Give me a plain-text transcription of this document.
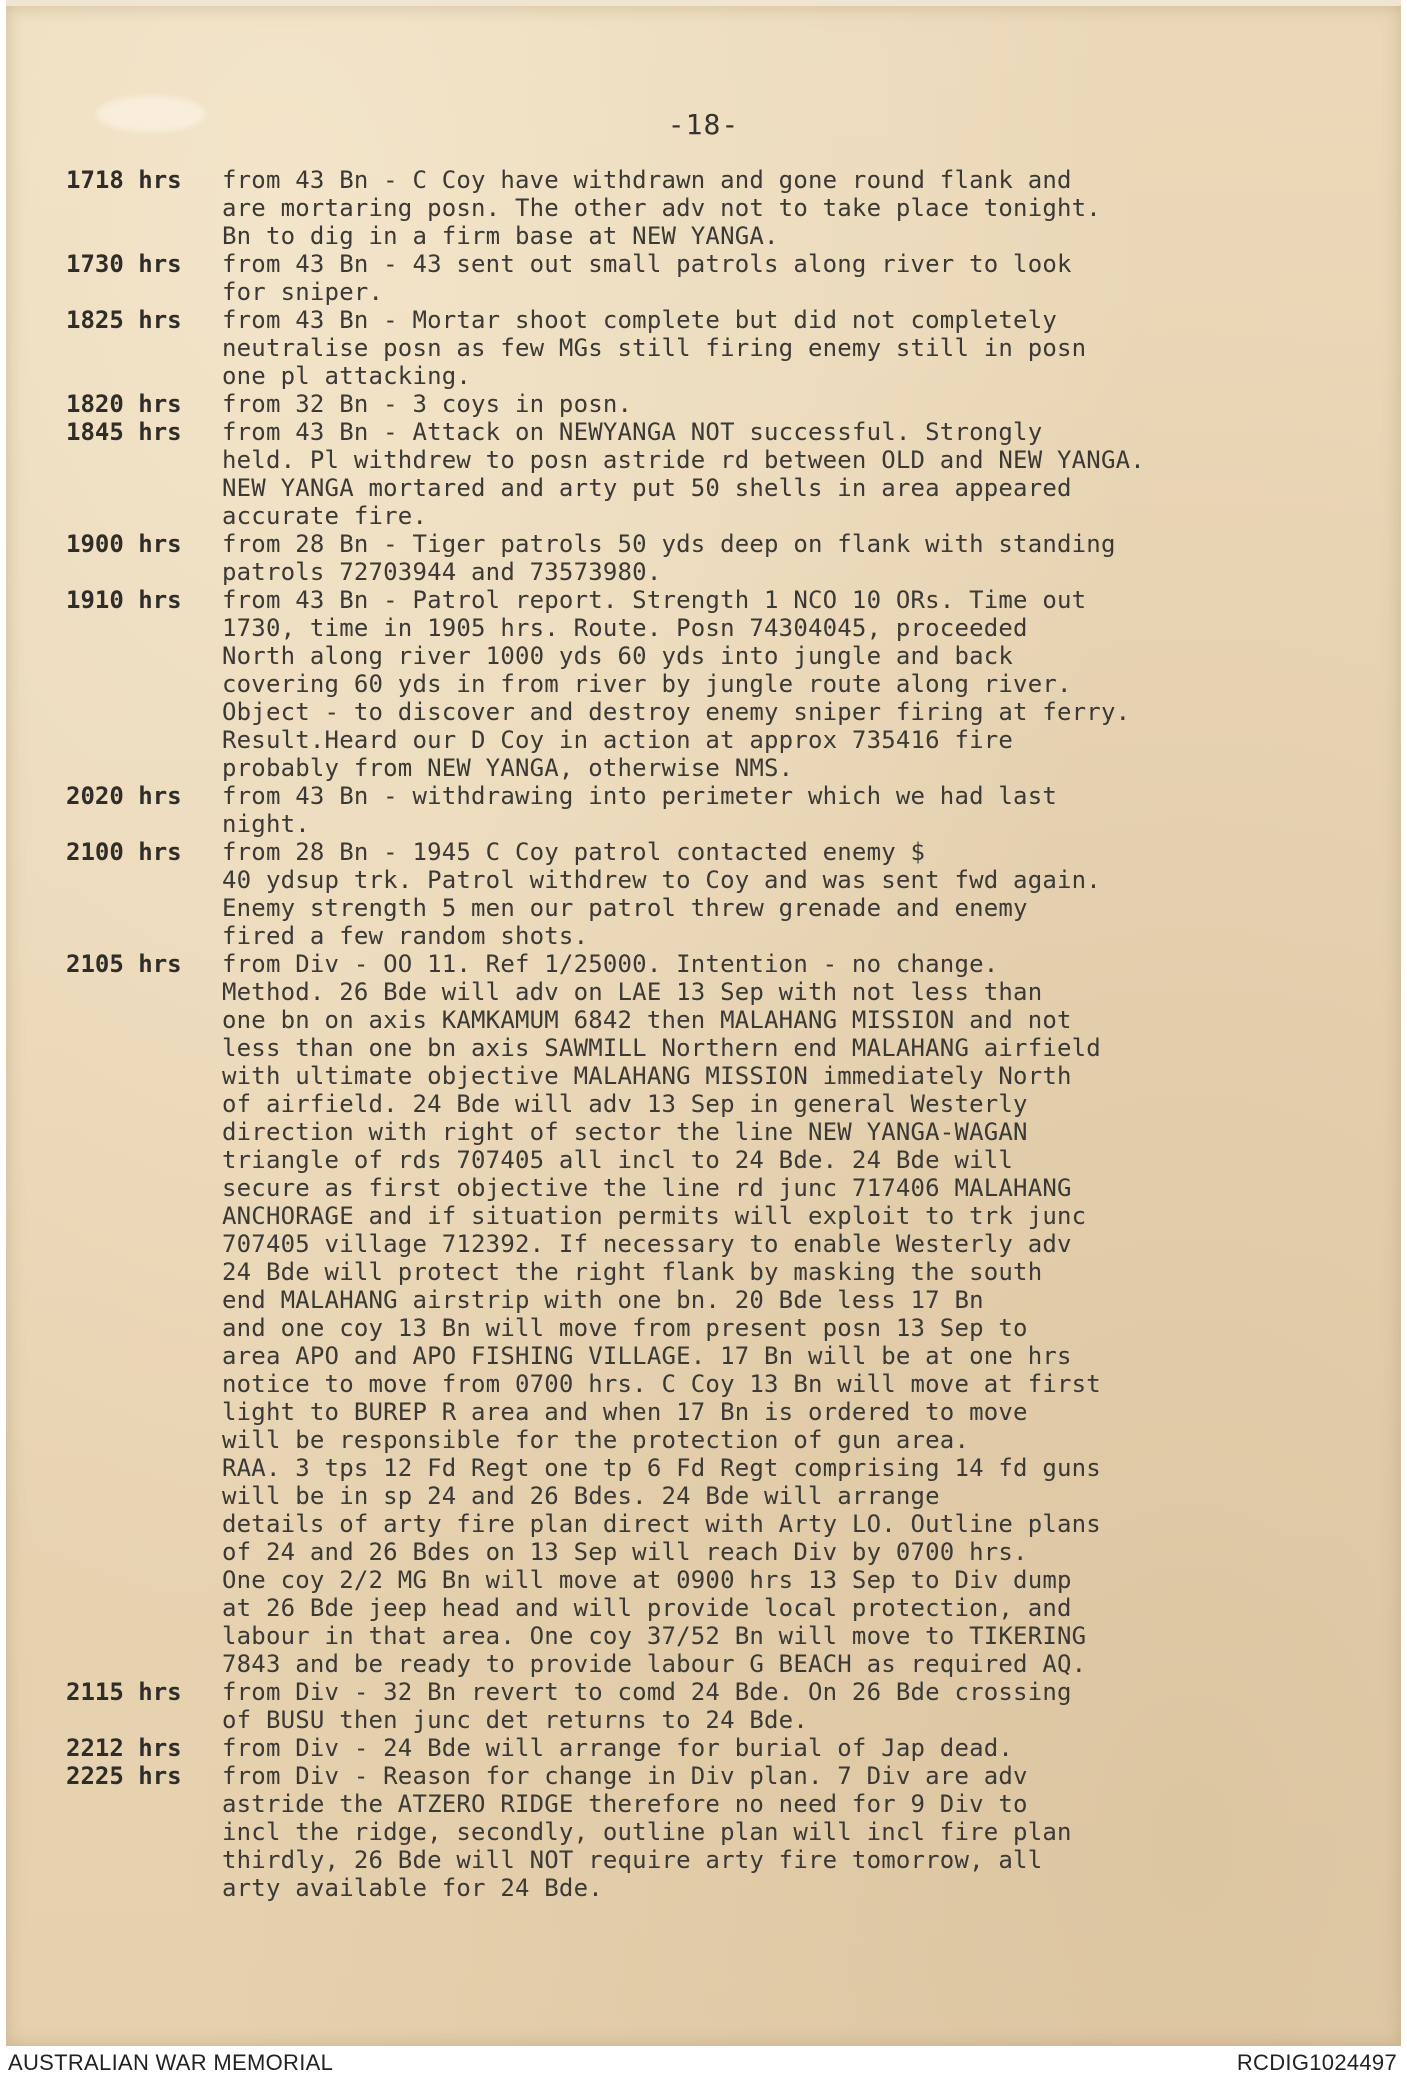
-18-
1718 hrs	from 43 Bn - C Coy have withdrawn and gone round flank and
are mortaring posn. The other adv not to take place tonight.
Bn to dig in a firm base at NEW YANGA.
1730 hrs	from 43 Bn - 43 sent out small patrols along river to look
for sniper.
1825 hrs	from 43 Bn - Mortar shoot complete but did not completely
neutralise posn as few MGs still firing enemy still in posn
one pl attacking.
1820 hrs	from 32 Bn - 3 coys in posn.
1845 hrs	from 43 Bn - Attack on NEWYANGA NOT successful. Strongly
held. Pl withdrew to posn astride rd between OLD and NEW YANGA.
NEW YANGA mortared and arty put 50 shells in area appeared
accurate fire.
1900 hrs	from 28 Bn - Tiger patrols 50 yds deep on flank with standing
patrols 72703944 and 73573980.
1910 hrs	from 43 Bn - Patrol report. Strength 1 NCO 10 ORs. Time out
1730, time in 1905 hrs. Route. Posn 74304045, proceeded
North along river 1000 yds 60 yds into jungle and back
covering 60 yds in from river by jungle route along river.
Object - to discover and destroy enemy sniper firing at ferry.
Result.Heard our D Coy in action at approx 735416 fire
probably from NEW YANGA, otherwise NMS.
2020 hrs	from 43 Bn - withdrawing into perimeter which we had last
night.
2100 hrs	from 28 Bn - 1945 C Coy patrol contacted enemy $
40 ydsup trk. Patrol withdrew to Coy and was sent fwd again.
Enemy strength 5 men our patrol threw grenade and enemy
fired a few random shots.
2105 hrs	from Div - OO 11. Ref 1/25000. Intention - no change.
Method. 26 Bde will adv on LAE 13 Sep with not less than
one bn on axis KAMKAMUM 6842 then MALAHANG MISSION and not
less than one bn axis SAWMILL Northern end MALAHANG airfield
with ultimate objective MALAHANG MISSION immediately North
of airfield. 24 Bde will adv 13 Sep in general Westerly
direction with right of sector the line NEW YANGA-WAGAN
triangle of rds 707405 all incl to 24 Bde. 24 Bde will
secure as first objective the line rd junc 717406 MALAHANG
ANCHORAGE and if situation permits will exploit to trk junc
707405 village 712392. If necessary to enable Westerly adv
24 Bde will protect the right flank by masking the south
end MALAHANG airstrip with one bn. 20 Bde less 17 Bn
and one coy 13 Bn will move from present posn 13 Sep to
area APO and APO FISHING VILLAGE. 17 Bn will be at one hrs
notice to move from 0700 hrs. C Coy 13 Bn will move at first
light to BUREP R area and when 17 Bn is ordered to move
will be responsible for the protection of gun area.
RAA. 3 tps 12 Fd Regt one tp 6 Fd Regt comprising 14 fd guns
will be in sp 24 and 26 Bdes. 24 Bde will arrange
details of arty fire plan direct with Arty LO. Outline plans
of 24 and 26 Bdes on 13 Sep will reach Div by 0700 hrs.
One coy 2/2 MG Bn will move at 0900 hrs 13 Sep to Div dump
at 26 Bde jeep head and will provide local protection, and
labour in that area. One coy 37/52 Bn will move to TIKERING
7843 and be ready to provide labour G BEACH as required AQ.
2115 hrs	from Div - 32 Bn revert to comd 24 Bde. On 26 Bde crossing
of BUSU then junc det returns to 24 Bde.
2212 hrs	from Div - 24 Bde will arrange for burial of Jap dead.
2225 hrs	from Div - Reason for change in Div plan. 7 Div are adv
astride the ATZERO RIDGE therefore no need for 9 Div to
incl the ridge, secondly, outline plan will incl fire plan
thirdly, 26 Bde will NOT require arty fire tomorrow, all
arty available for 24 Bde.
AUSTRALIAN WAR MEMORIAL	RCDIG1024497
